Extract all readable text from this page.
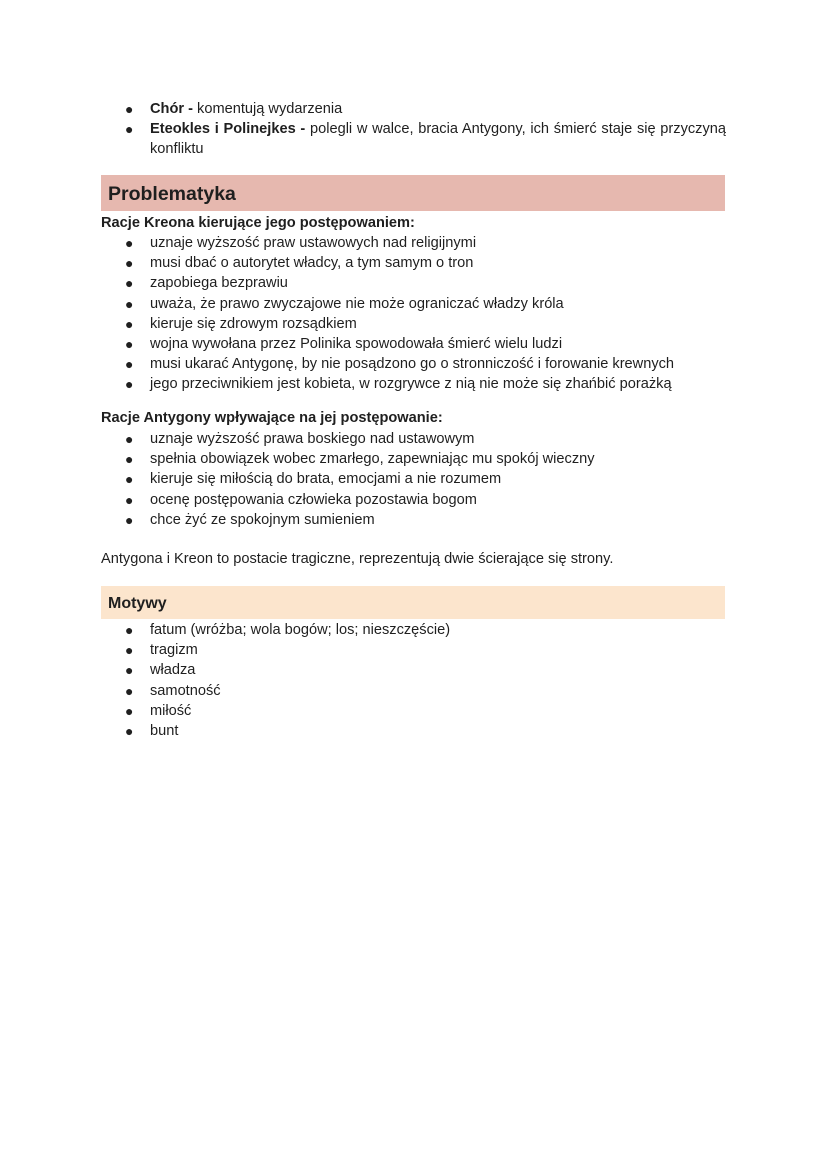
● Chór - komentują wydarzenia
● Eteokles i Polinejkes - polegli w walce, bracia Antygony, ich śmierć staje się przyczyną konfliktu
Problematyka
Racje Kreona kierujące jego postępowaniem:
● uznaje wyższość praw ustawowych nad religijnymi
● musi dbać o autorytet władcy, a tym samym o tron
● zapobiega bezprawiu
● uważa, że prawo zwyczajowe nie może ograniczać władzy króla
● kieruje się zdrowym rozsądkiem
● wojna wywołana przez Polinika spowodowała śmierć wielu ludzi
● musi ukarać Antygonę, by nie posądzono go o stronniczość i forowanie krewnych
● jego przeciwnikiem jest kobieta, w rozgrywce z nią nie może się zhańbić porażką
Racje Antygony wpływające na jej postępowanie:
● uznaje wyższość prawa boskiego nad ustawowym
● spełnia obowiązek wobec zmarłego, zapewniając mu spokój wieczny
● kieruje się miłością do brata, emocjami a nie rozumem
● ocenę postępowania człowieka pozostawia bogom
● chce żyć ze spokojnym sumieniem
Antygona i Kreon to postacie tragiczne, reprezentują dwie ścierające się strony.
Motywy
● fatum (wróżba; wola bogów; los; nieszczęście)
● tragizm
● władza
● samotność
● miłość
● bunt
